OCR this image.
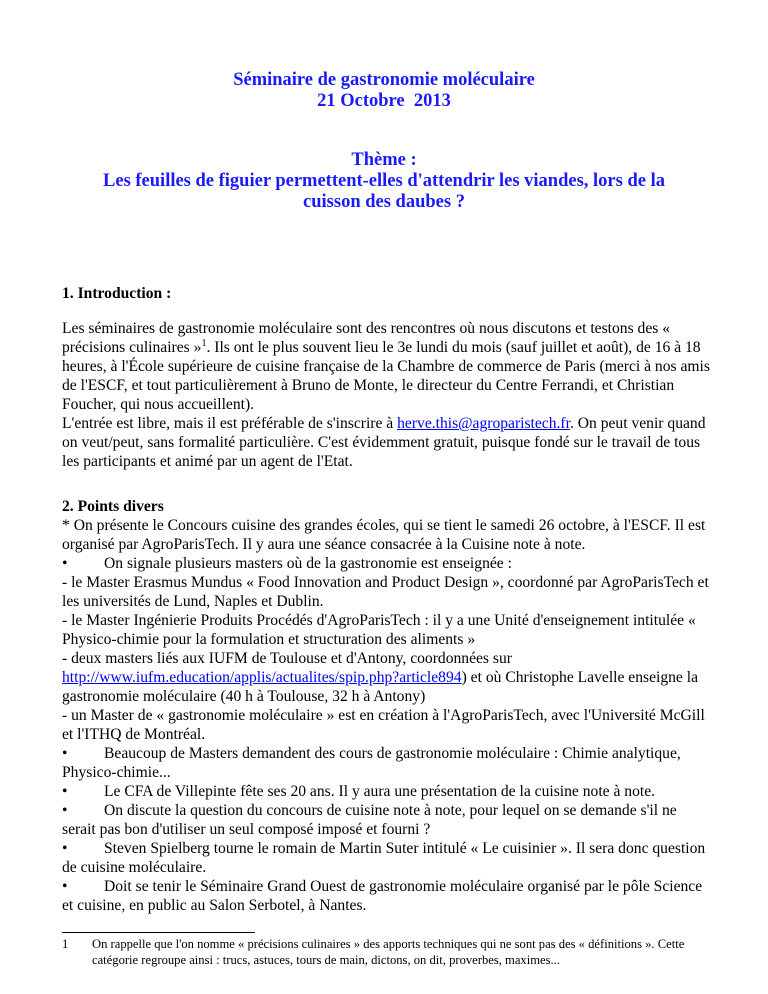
Séminaire de gastronomie moléculaire
21 Octobre  2013
Thème :
Les feuilles de figuier permettent-elles d'attendrir les viandes, lors de la
cuisson des daubes ?
1. Introduction :
Les séminaires de gastronomie moléculaire sont des rencontres où nous discutons et testons des « précisions culinaires »$^1$. Ils ont le plus souvent lieu le 3e lundi du mois (sauf juillet et août), de 16 à 18 heures, à l'École supérieure de cuisine française de la Chambre de commerce de Paris (merci à nos amis de l'ESCF, et tout particulièrement à Bruno de Monte, le directeur du Centre Ferrandi, et Christian Foucher, qui nous accueillent).
L'entrée est libre, mais il est préférable de s'inscrire à herve.this@agroparistech.fr. On peut venir quand on veut/peut, sans formalité particulière. C'est évidemment gratuit, puisque fondé sur le travail de tous les participants et animé par un agent de l'Etat.
2. Points divers
* On présente le Concours cuisine des grandes écoles, qui se tient le samedi 26 octobre, à l'ESCF. Il est organisé par AgroParisTech. Il y aura une séance consacrée à la Cuisine note à note.
• On signale plusieurs masters où de la gastronomie est enseignée :
- le Master Erasmus Mundus « Food Innovation and Product Design », coordonné par AgroParisTech et les universités de Lund, Naples et Dublin.
- le Master Ingénierie Produits Procédés d'AgroParisTech : il y a une Unité d'enseignement intitulée « Physico-chimie pour la formulation et structuration des aliments »
- deux masters liés aux IUFM de Toulouse et d'Antony, coordonnées sur http://www.iufm.education/applis/actualites/spip.php?article894) et où Christophe Lavelle enseigne la gastronomie moléculaire (40 h à Toulouse, 32 h à Antony)
- un Master de « gastronomie moléculaire » est en création à l'AgroParisTech, avec l'Université McGill et l'ITHQ de Montréal.
• Beaucoup de Masters demandent des cours de gastronomie moléculaire : Chimie analytique, Physico-chimie...
• Le CFA de Villepinte fête ses 20 ans. Il y aura une présentation de la cuisine note à note.
• On discute la question du concours de cuisine note à note, pour lequel on se demande s'il ne serait pas bon d'utiliser un seul composé imposé et fourni ?
• Steven Spielberg tourne le romain de Martin Suter intitulé « Le cuisinier ». Il sera donc question de cuisine moléculaire.
• Doit se tenir le Séminaire Grand Ouest de gastronomie moléculaire organisé par le pôle Science et cuisine, en public au Salon Serbotel, à Nantes.
1 On rappelle que l'on nomme « précisions culinaires » des apports techniques qui ne sont pas des « définitions ». Cette catégorie regroupe ainsi : trucs, astuces, tours de main, dictons, on dit, proverbes, maximes...
